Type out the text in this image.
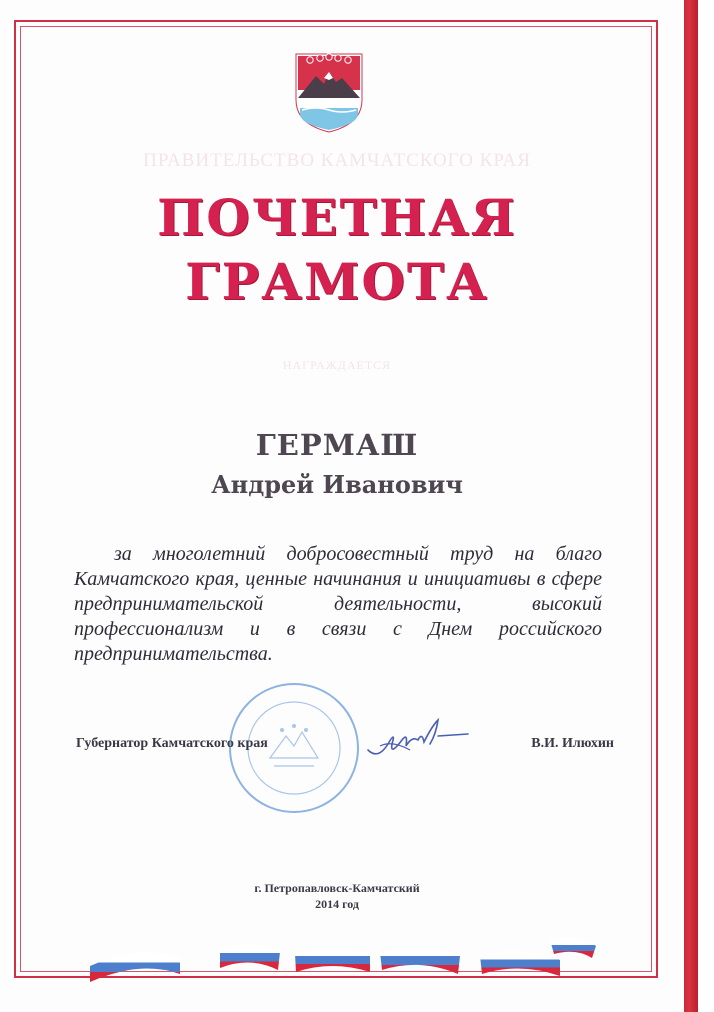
ПРАВИТЕЛЬСТВО КАМЧАТСКОГО КРАЯ
ПОЧЕТНАЯ
ГРАМОТА
НАГРАЖДАЕТСЯ
ГЕРМАШ
Андрей Иванович
за многолетний добросовестный труд на благо Камчатского края, ценные начинания и инициативы в сфере предпринимательской деятельности, высокий профессионализм и в связи с Днем российского предпринимательства.
Губернатор Камчатского края	В.И. Илюхин
г. Петропавловск-Камчатский
2014 год
